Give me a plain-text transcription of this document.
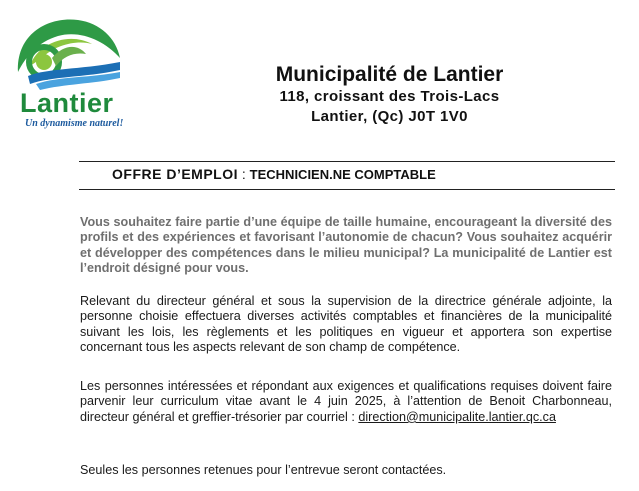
Lantier
Un dynamisme naturel!
Municipalité de Lantier
118, croissant des Trois-Lacs
Lantier, (Qc) J0T 1V0
OFFRE D’EMPLOI : TECHNICIEN.NE COMPTABLE

Vous souhaitez faire partie d’une équipe de taille humaine, encourageant la diversité des profils et des expériences et favorisant l’autonomie de chacun? Vous souhaitez acquérir et développer des compétences dans le milieu municipal? La municipalité de Lantier est l’endroit désigné pour vous.

Relevant du directeur général et sous la supervision de la directrice générale adjointe, la personne choisie effectuera diverses activités comptables et financières de la municipalité suivant les lois, les règlements et les politiques en vigueur et apportera son expertise concernant tous les aspects relevant de son champ de compétence.

Les personnes intéressées et répondant aux exigences et qualifications requises doivent faire parvenir leur curriculum vitae avant le 4 juin 2025, à l’attention de Benoit Charbonneau, directeur général et greffier-trésorier par courriel : direction@municipalite.lantier.qc.ca

Seules les personnes retenues pour l’entrevue seront contactées.
